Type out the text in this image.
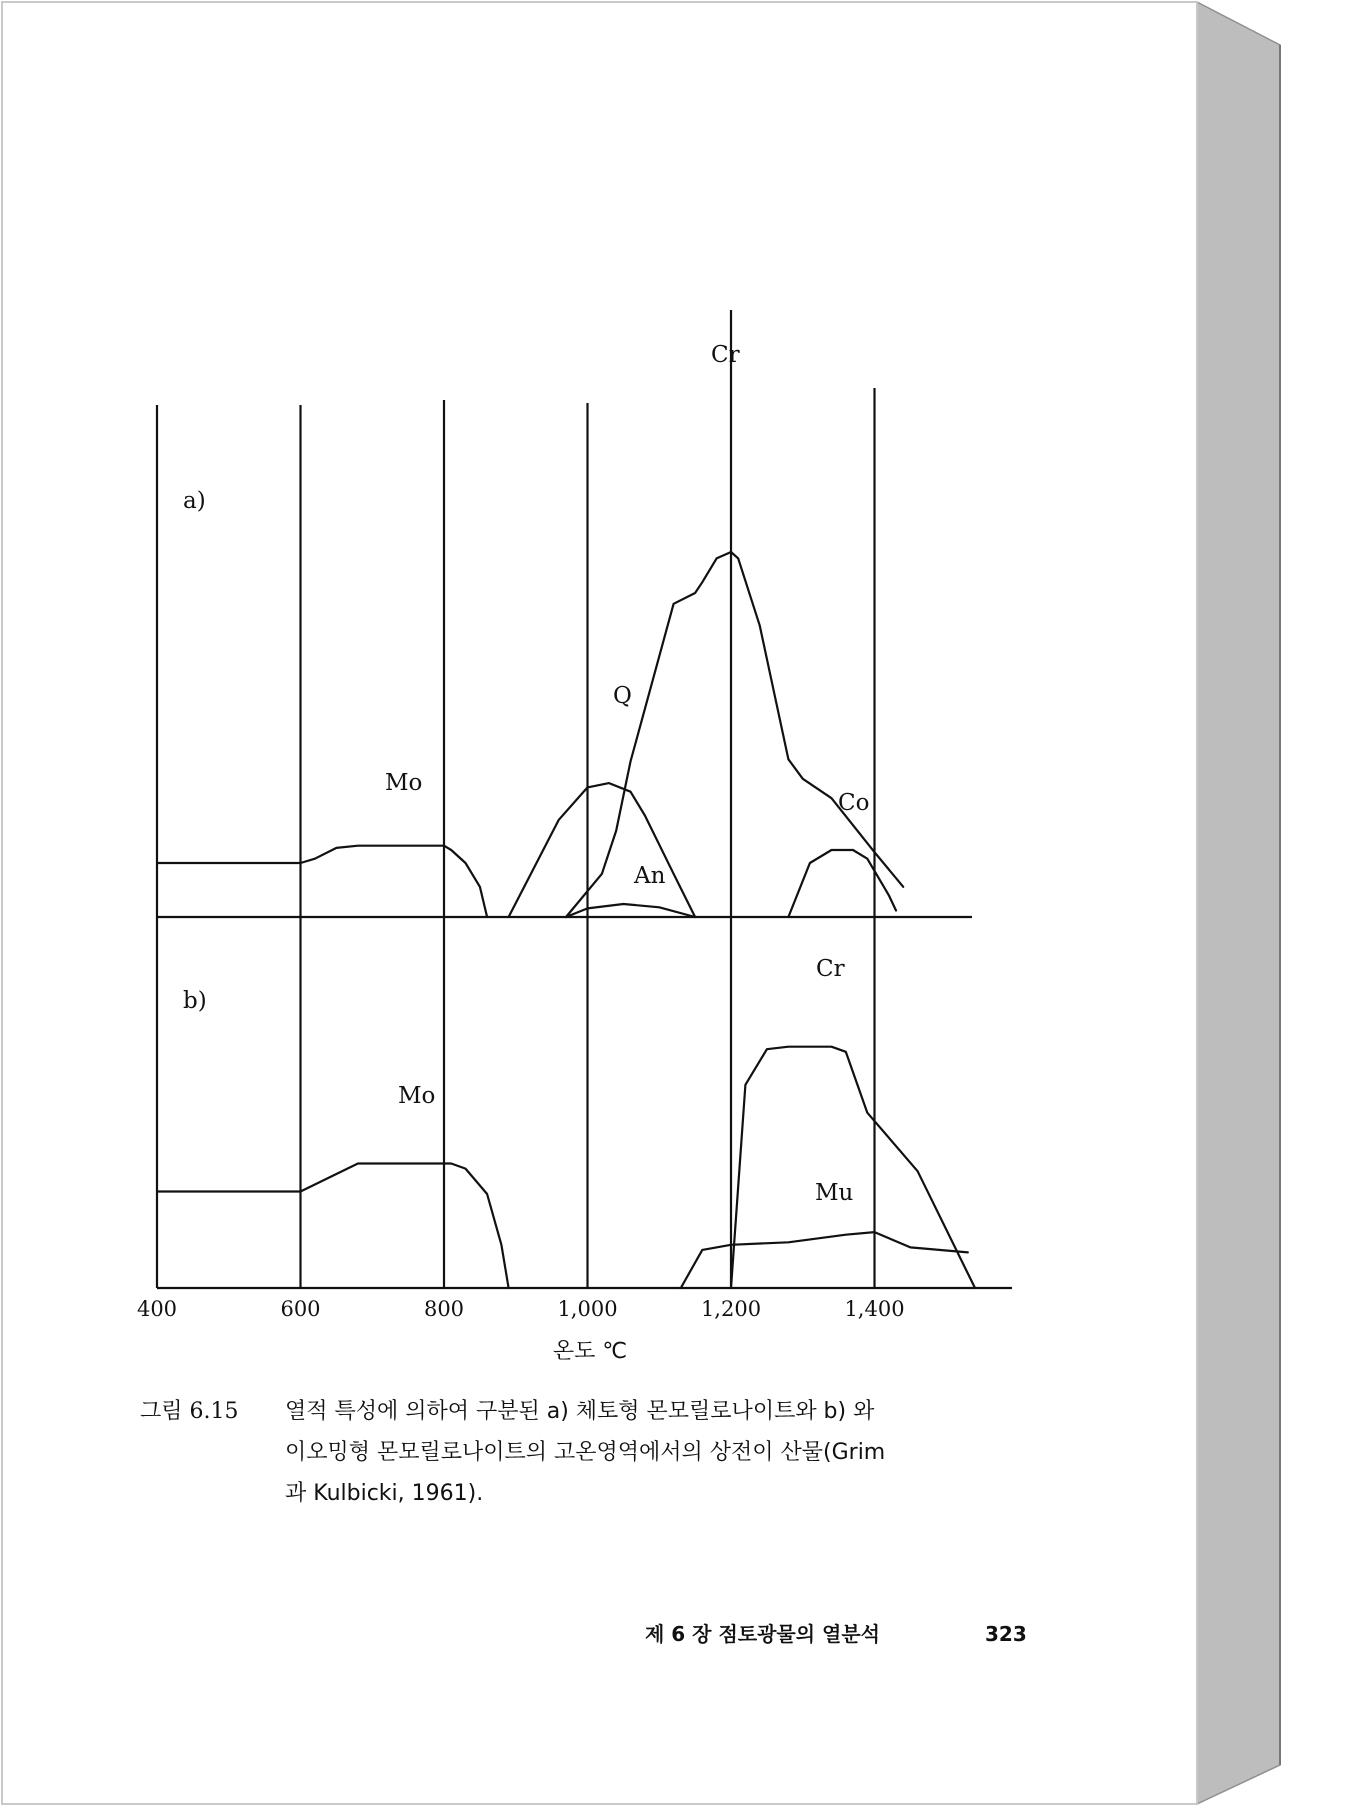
a)
Mo
Q
An
Cr
Co
b)
Mo
Cr
Mu
400	600	800	1,000	1,200	1,400
온도 ℃
그림 6.15 열적 특성에 의하여 구분된 a) 체토형 몬모릴로나이트와 b) 와
이오밍형 몬모릴로나이트의 고온영역에서의 상전이 산물(Grim
과 Kulbicki, 1961).
제 6 장 점토광물의 열분석	323
